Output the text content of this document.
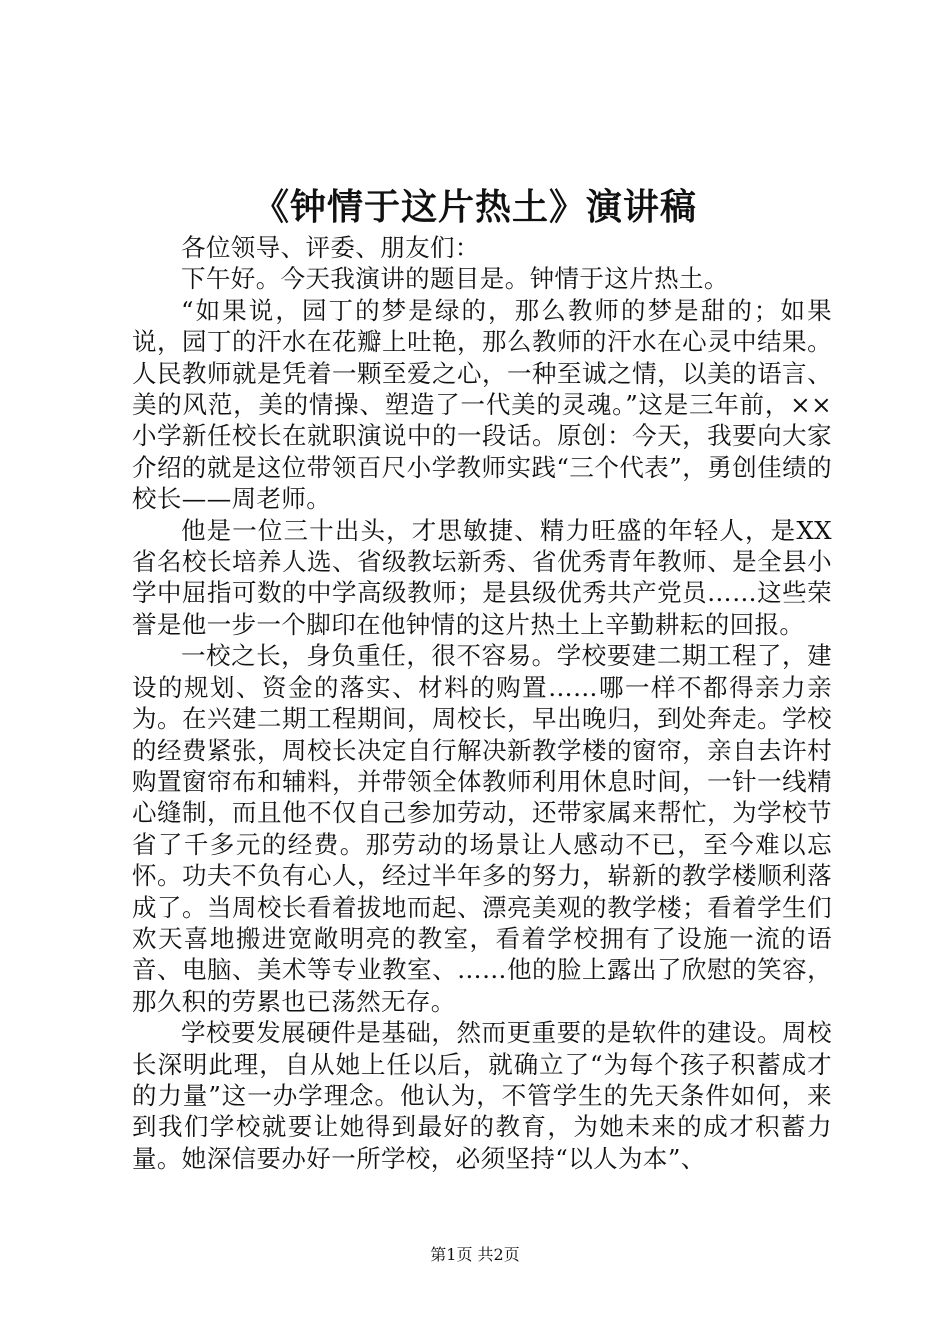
《钟情于这片热土》演讲稿

各位领导、评委、朋友们：

下午好。今天我演讲的题目是。钟情于这片热土。

“如果说，园丁的梦是绿的，那么教师的梦是甜的；如果说，园丁的汗水在花瓣上吐艳，那么教师的汗水在心灵中结果。人民教师就是凭着一颗至爱之心，一种至诚之情，以美的语言、美的风范，美的情操、塑造了一代美的灵魂。”这是三年前，××小学新任校长在就职演说中的一段话。原创：今天，我要向大家介绍的就是这位带领百尺小学教师实践“三个代表”，勇创佳绩的校长——周老师。

他是一位三十出头，才思敏捷、精力旺盛的年轻人，是XX省名校长培养人选、省级教坛新秀、省优秀青年教师、是全县小学中屈指可数的中学高级教师；是县级优秀共产党员……这些荣誉是他一步一个脚印在他钟情的这片热土上辛勤耕耘的回报。

一校之长，身负重任，很不容易。学校要建二期工程了，建设的规划、资金的落实、材料的购置……哪一样不都得亲力亲为。在兴建二期工程期间，周校长，早出晚归，到处奔走。学校的经费紧张，周校长决定自行解决新教学楼的窗帘，亲自去许村购置窗帘布和辅料，并带领全体教师利用休息时间，一针一线精心缝制，而且他不仅自己参加劳动，还带家属来帮忙，为学校节省了千多元的经费。那劳动的场景让人感动不已，至今难以忘怀。功夫不负有心人，经过半年多的努力，崭新的教学楼顺利落成了。当周校长看着拔地而起、漂亮美观的教学楼；看着学生们欢天喜地搬进宽敞明亮的教室，看着学校拥有了设施一流的语音、电脑、美术等专业教室、……他的脸上露出了欣慰的笑容，那久积的劳累也已荡然无存。

学校要发展硬件是基础，然而更重要的是软件的建设。周校长深明此理，自从她上任以后，就确立了“为每个孩子积蓄成才的力量”这一办学理念。他认为，不管学生的先天条件如何，来到我们学校就要让她得到最好的教育，为她未来的成才积蓄力量。她深信要办好一所学校，必须坚持“以人为本”、

第1页 共2页
